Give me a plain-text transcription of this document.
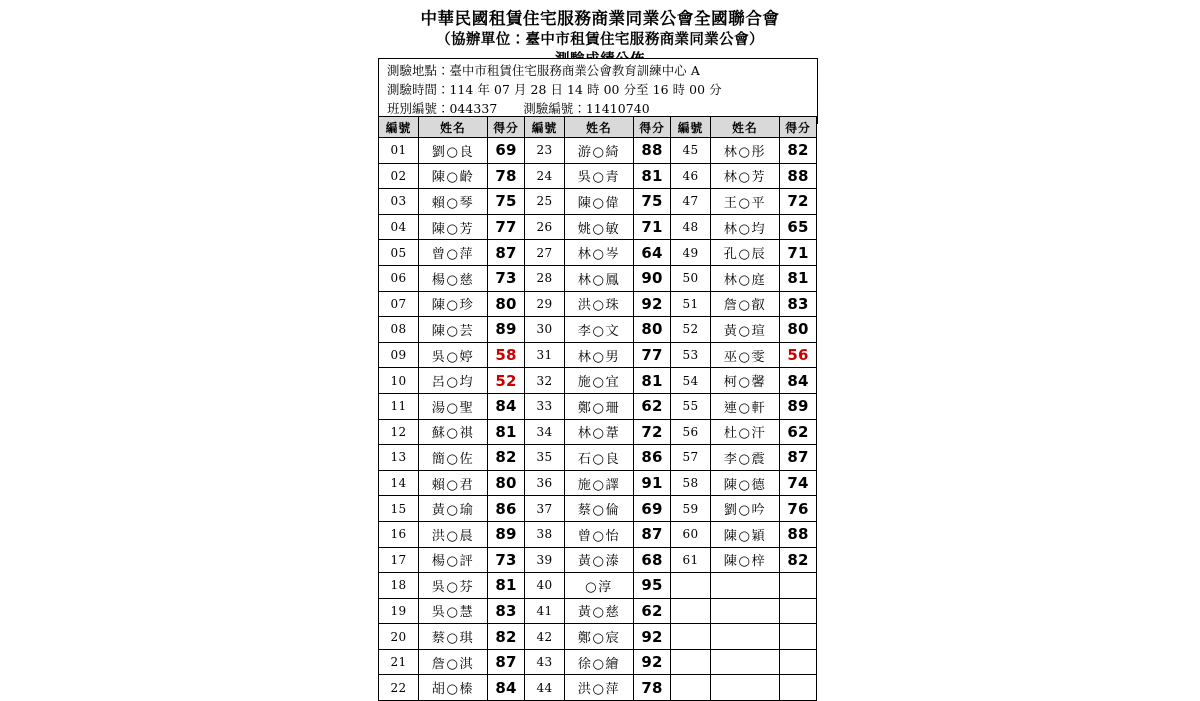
中華民國租賃住宅服務商業同業公會全國聯合會
（協辦單位：臺中市租賃住宅服務商業同業公會）
測驗地點：臺中市租賃住宅服務商業公會教育訓練中心 A
測驗時間：114 年 07 月 28 日 14 時 00 分至 16 時 00 分
班別編號：044337 測驗編號：11410740
編號	姓名	得分	編號	姓名	得分	編號	姓名	得分
01	劉○良	69	23	游○綺	88	45	林○彤	82
02	陳○齡	78	24	吳○青	81	46	林○芳	88
03	賴○琴	75	25	陳○偉	75	47	王○平	72
04	陳○芳	77	26	姚○敏	71	48	林○均	65
05	曾○萍	87	27	林○岑	64	49	孔○辰	71
06	楊○慈	73	28	林○鳳	90	50	林○庭	81
07	陳○珍	80	29	洪○珠	92	51	詹○叡	83
08	陳○芸	89	30	李○文	80	52	黃○瑄	80
09	吳○婷	58	31	林○男	77	53	巫○雯	56
10	呂○均	52	32	施○宜	81	54	柯○馨	84
11	湯○聖	84	33	鄭○珊	62	55	連○軒	89
12	蘇○祺	81	34	林○葦	72	56	杜○汗	62
13	簡○佐	82	35	石○良	86	57	李○震	87
14	賴○君	80	36	施○譯	91	58	陳○德	74
15	黃○瑜	86	37	蔡○倫	69	59	劉○吟	76
16	洪○晨	89	38	曾○怡	87	60	陳○穎	88
17	楊○評	73	39	黃○溙	68	61	陳○梓	82
18	吳○芬	81	40	○淳	95			
19	吳○慧	83	41	黃○慈	62			
20	蔡○琪	82	42	鄭○宸	92			
21	詹○淇	87	43	徐○繪	92			
22	胡○榛	84	44	洪○萍	78			
